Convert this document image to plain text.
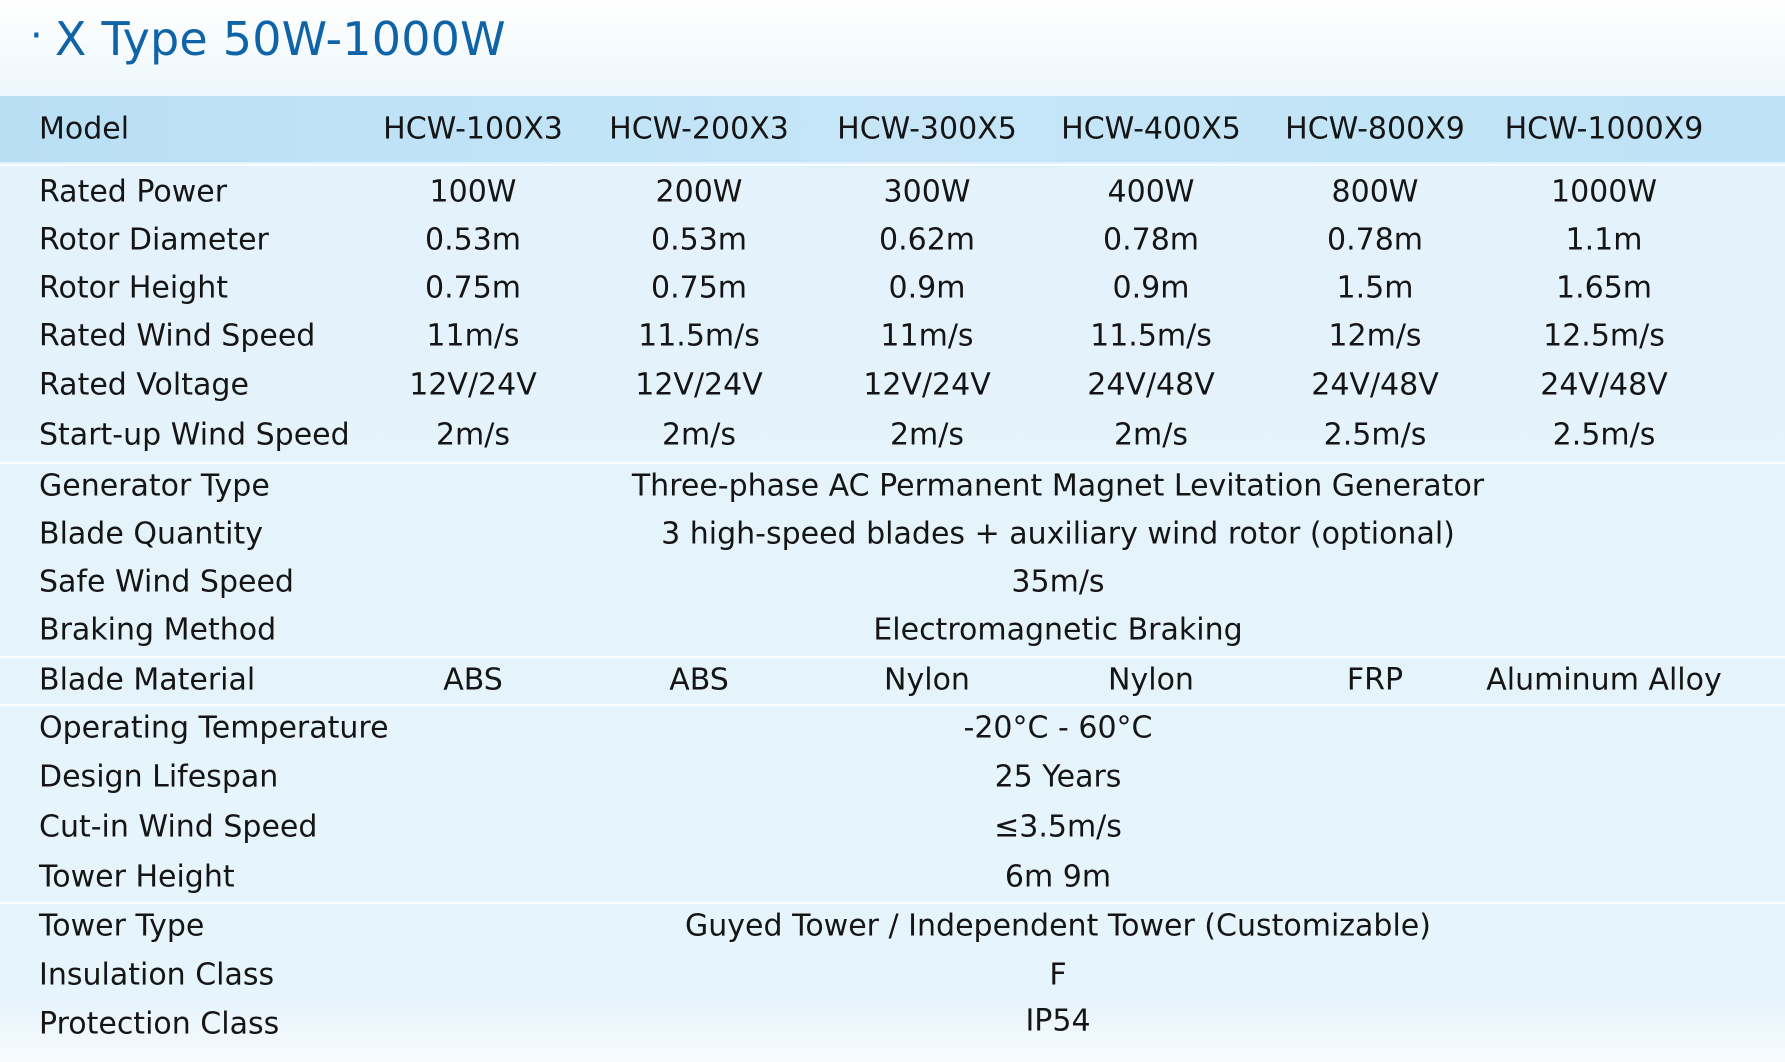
· X Type 50W-1000W
Model	HCW-100X3 HCW-200X3 HCW-300X5 HCW-400X5 HCW-800X9 HCW-1000X9
Rated Power	100W	200W	300W	400W	800W	1000W
Rotor Diameter	0.53m	0.53m	0.62m	0.78m	0.78m	1.1m
Rotor Height	0.75m	0.75m	0.9m	0.9m	1.5m	1.65m
Rated Wind Speed	11m/s	11.5m/s	11m/s	11.5m/s	12m/s	12.5m/s
Rated Voltage	12V/24V	12V/24V	12V/24V	24V/48V	24V/48V	24V/48V
Start-up Wind Speed	2m/s	2m/s	2m/s	2m/s	2.5m/s	2.5m/s
Generator Type	Three-phase AC Permanent Magnet Levitation Generator
Blade Quantity	3 high-speed blades + auxiliary wind rotor (optional)
Safe Wind Speed	35m/s
Braking Method	Electromagnetic Braking
Blade Material	ABS	ABS	Nylon	Nylon	FRP	Aluminum Alloy
Operating Temperature	-20°C - 60°C
Design Lifespan	25 Years
Cut-in Wind Speed	≤3.5m/s
Tower Height	6m 9m
Tower Type	Guyed Tower / Independent Tower (Customizable)
Insulation Class	F
Protection Class	IP54
